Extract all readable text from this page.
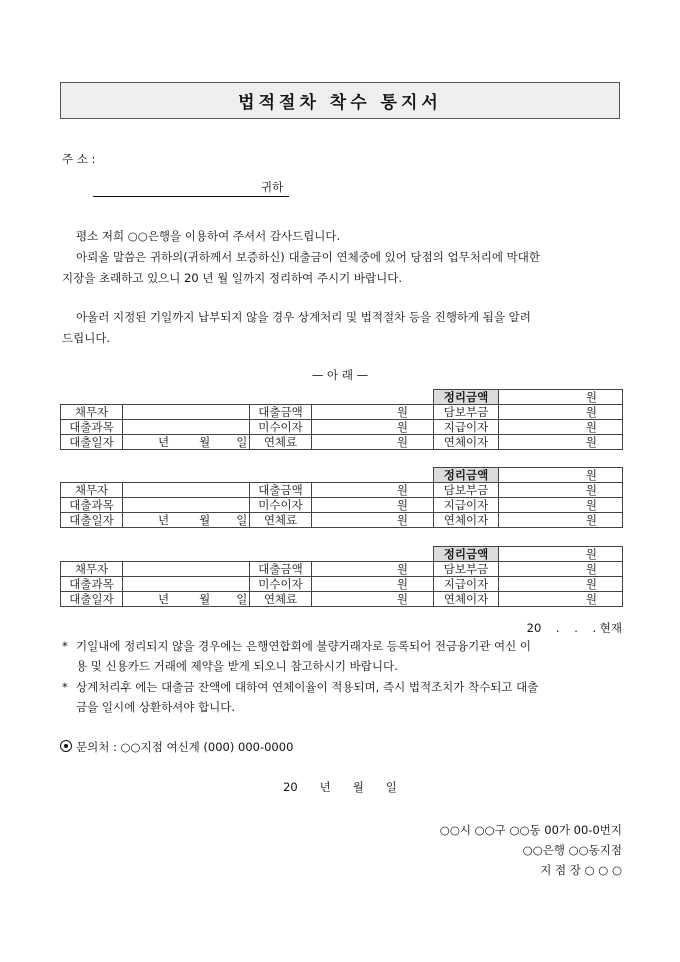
법적절차 착수 통지서
주 소 :
귀하
평소 저희 ○○은행을 이용하여 주셔서 감사드립니다.
아뢰올 말씀은 귀하의(귀하께서 보증하신) 대출금이 연체중에 있어 당점의 업무처리에 막대한
지장을 초래하고 있으니 20 년 월 일까지 정리하여 주시기 바랍니다.
아울러 지정된 기일까지 납부되지 않을 경우 상계처리 및 법적절차 등을 진행하게 됨을 알려
드립니다.
— 아 래 —
				정리금액	원
채무자		대출금액	원	담보부금	원
대출과목		미수이자	원	지급이자	원
대출일자	년 월 일	연체료	원	연체이자	원
				정리금액	원
채무자		대출금액	원	담보부금	원
대출과목		미수이자	원	지급이자	원
대출일자	년 월 일	연체료	원	연체이자	원
				정리금액	원
채무자		대출금액	원	담보부금	원
대출과목		미수이자	원	지급이자	원
대출일자	년 월 일	연체료	원	연체이자	원
20    .    .    . 현재
* 기일내에 정리되지 않을 경우에는 은행연합회에 불량거래자로 등록되어 전금융기관 여신 이
용 및 신용카드 거래에 제약을 받게 되오니 참고하시기 바랍니다.
* 상계처리후 에는 대출금 잔액에 대하여 연체이율이 적용되며, 즉시 법적조치가 착수되고 대출
금을 일시에 상환하셔야 합니다.
문의처 : ○○지점 여신계 (000) 000-0000
20      년      월      일
○○시 ○○구 ○○동 00가 00-0번지
○○은행 ○○동지점
지 점 장 ○ ○ ○
